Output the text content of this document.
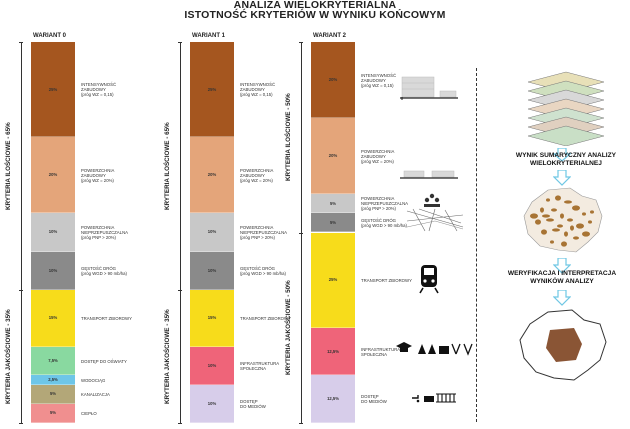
ANALIZA WIELOKRYTERIALNA
ISTOTNOŚĆ KRYTERIÓW W WYNIKU KOŃCOWYM
WARIANT 0
25%
20%
10%
10%
15%
7,5%
2,5%
5%
5%
INTENSYWNOŚĆ
ZABUDOWY
(próg WZ = 0,15)
POWIERZCHNIA
ZABUDOWY
(próg WZ = 20%)
POWIERZCHNIA
NIEPRZEPUSZCZALNA
(próg PNP > 20%)
GĘSTOŚĆ DRÓG
(próg WGD > 90 mb/ha)
TRANSPORT ZBIOROWY
DOSTĘP DO OŚWIATY
WODOCIĄG
KANALIZACJA
CIEPŁO
KRYTERIA ILOŚCIOWE - 65%
KRYTERIA JAKOŚCIOWE - 35%
WARIANT 1
25%
20%
10%
10%
15%
10%
10%
INTENSYWNOŚĆ
ZABUDOWY
(próg WZ = 0,15)
POWIERZCHNIA
ZABUDOWY
(próg WZ = 20%)
POWIERZCHNIA
NIEPRZEPUSZCZALNA
(próg PNP > 20%)
GĘSTOŚĆ DRÓG
(próg WGD > 90 mb/ha)
TRANSPORT ZBIOROWY
INFRASTRUKTURA
SPOŁECZNA
DOSTĘP
DO MEDIÓW
KRYTERIA ILOŚCIOWE - 65%
KRYTERIA JAKOŚCIOWE - 35%
WARIANT 2
20%
20%
5%
5%
25%
12,5%
12,5%
INTENSYWNOŚĆ
ZABUDOWY
(próg WZ = 0,15)
POWIERZCHNIA
ZABUDOWY
(próg WZ = 20%)
POWIERZCHNIA
NIEPRZEPUSZCZALNA
(próg PNP > 20%)
GĘSTOŚĆ DRÓG
(próg WGD > 90 mb/ha)
TRANSPORT ZBIOROWY
INFRASTRUKTURA
SPOŁECZNA
DOSTĘP
DO MEDIÓW
KRYTERIA ILOŚCIOWE - 50%
KRYTERIA JAKOŚCIOWE - 50%
WYNIK SUMARYCZNY ANALIZY
WIELOKRYTERIALNEJ
WERYFIKACJA I INTERPRETACJA
WYNIKÓW ANALIZY
